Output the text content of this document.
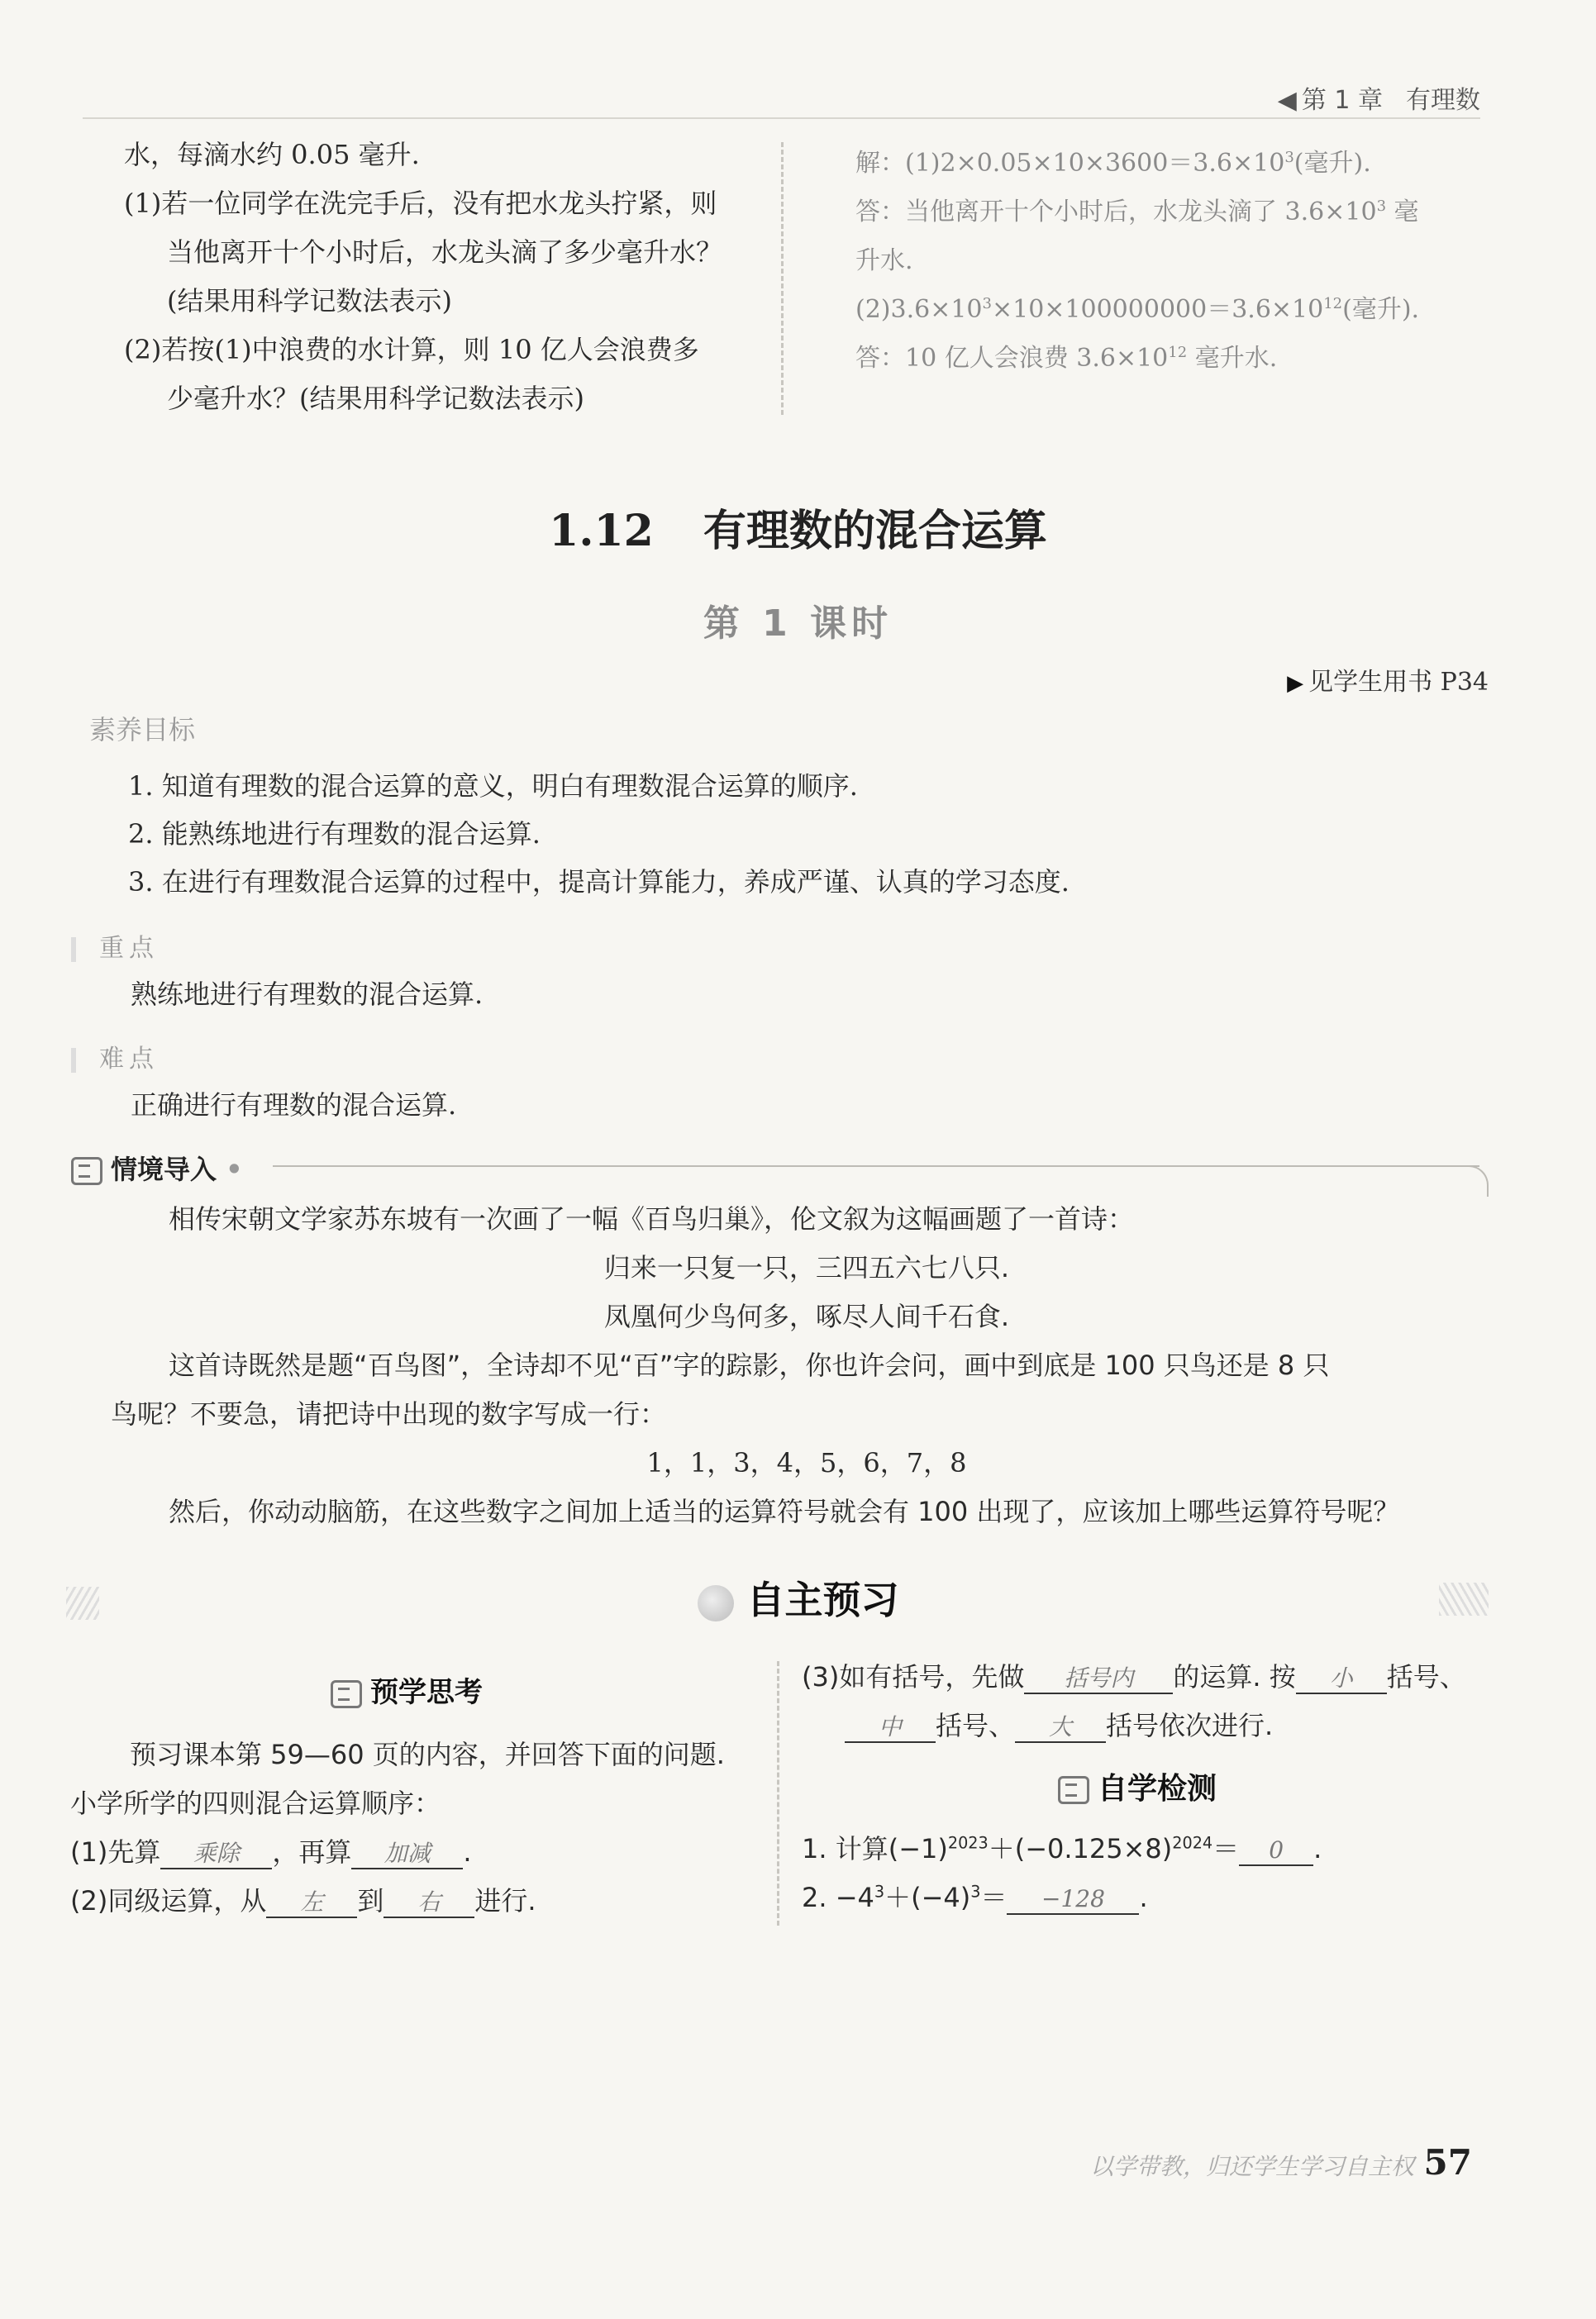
◀ 第 1 章 有理数

水，每滴水约 0.05 毫升.

(1)若一位同学在洗完手后，没有把水龙头拧紧，则

当他离开十个小时后，水龙头滴了多少毫升水？

(结果用科学记数法表示)

(2)若按(1)中浪费的水计算，则 10 亿人会浪费多

少毫升水？(结果用科学记数法表示)

解：$(1)2\times 0.05\times 10\times 3600=3.6\times 10^3$(毫升).

答：当他离开十个小时后，水龙头滴了 $3.6\times 10^3$ 毫

升水.

$(2)3.6\times 10^3\times 10\times 100000000=3.6\times 10^{12}$(毫升).

答：10 亿人会浪费 $3.6\times 10^{12}$ 毫升水.

1.12 有理数的混合运算
第 1 课时
▶ 见学生用书 P34
素养目标

1. 知道有理数的混合运算的意义，明白有理数混合运算的顺序.

2. 能熟练地进行有理数的混合运算.

3. 在进行有理数混合运算的过程中，提高计算能力，养成严谨、认真的学习态度.

重点
熟练地进行有理数的混合运算.
难点
正确进行有理数的混合运算.
情境导入 •

相传宋朝文学家苏东坡有一次画了一幅《百鸟归巢》，伦文叙为这幅画题了一首诗：

归来一只复一只，三四五六七八只.

凤凰何少鸟何多，啄尽人间千石食.

这首诗既然是题“百鸟图”，全诗却不见“百”字的踪影，你也许会问，画中到底是 100 只鸟还是 8 只

鸟呢？不要急，请把诗中出现的数字写成一行：

1，1，3，4，5，6，7，8

然后，你动动脑筋，在这些数字之间加上适当的运算符号就会有 100 出现了，应该加上哪些运算符号呢？

自主预习
预学思考

预习课本第 59—60 页的内容，并回答下面的问题.

小学所学的四则混合运算顺序：

(1)先算 乘除 ，再算 加减 .

(2)同级运算，从 左 到 右 进行.

(3)如有括号，先做 括号内 的运算. 按 小 括号、

中 括号、 大 括号依次进行.

自学检测

1. 计算$(-1)^{2023}+(-0.125\times 8)^{2024}= 0$ .

2. $-4^3+(-4)^3= -128$ .

以学带教，归还学生学习自主权 57
